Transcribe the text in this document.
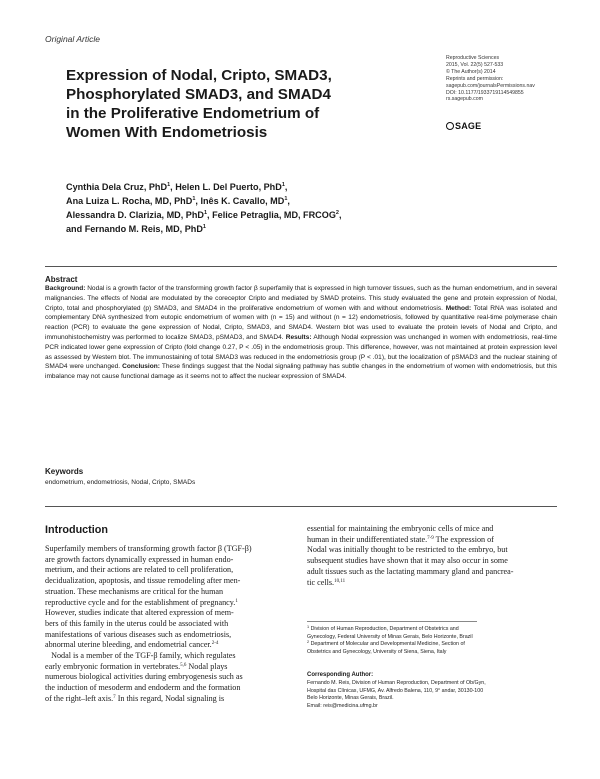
Original Article
Expression of Nodal, Cripto, SMAD3,
Phosphorylated SMAD3, and SMAD4
in the Proliferative Endometrium of
Women With Endometriosis
Reproductive Sciences
2015, Vol. 22(5) 527-533
© The Author(s) 2014
Reprints and permission:
sagepub.com/journalsPermissions.nav
DOI: 10.1177/1933719114549855
rs.sagepub.com
SAGE
Cynthia Dela Cruz, PhD$^1$, Helen L. Del Puerto, PhD$^1$,
Ana Luiza L. Rocha, MD, PhD$^1$, Inês K. Cavallo, $MD^1$,
Alessandra D. Clarizia, MD, PhD$^1$, Felice Petraglia, MD, FRCOG$^2$,
and Fernando M. Reis, MD, PhD$^1$
Abstract

Background: Nodal is a growth factor of the transforming growth factor β superfamily that is expressed in high turnover tissues, such as the human endometrium, and in several malignancies. The effects of Nodal are modulated by the coreceptor Cripto and mediated by SMAD proteins. This study evaluated the gene and protein expression of Nodal, Cripto, total and phosphorylated (p) SMAD3, and SMAD4 in the proliferative endometrium of women with and without endometriosis. Method: Total RNA was isolated and complementary DNA synthesized from eutopic endometrium of women with (n = 15) and without (n = 12) endometriosis, followed by quantitative real-time polymerase chain reaction (PCR) to evaluate the gene expression of Nodal, Cripto, SMAD3, and SMAD4. Western blot was used to evaluate the protein levels of Nodal and Cripto, and immunohistochemistry was performed to localize SMAD3, pSMAD3, and SMAD4. Results: Although Nodal expression was unchanged in women with endometriosis, real-time PCR indicated lower gene expression of Cripto (fold change 0.27, P < .05) in the endometriosis group. This difference, however, was not maintained at protein expression level as assessed by Western blot. The immunostaining of total SMAD3 was reduced in the endometriosis group (P < .01), but the localization of pSMAD3 and the nuclear staining of SMAD4 were unchanged. Conclusion: These findings suggest that the Nodal signaling pathway has subtle changes in the endometrium of women with endometriosis, but this imbalance may not cause functional damage as it seems not to affect the nuclear expression of SMAD4.

Keywords
endometrium, endometriosis, Nodal, Cripto, SMADs
Introduction
Superfamily members of transforming growth factor β (TGF-β)
are growth factors dynamically expressed in human endo-
metrium, and their actions are related to cell proliferation,
decidualization, apoptosis, and tissue remodeling after men-
struation. These mechanisms are critical for the human
reproductive cycle and for the establishment of pregnancy.$^1$
However, studies indicate that altered expression of mem-
bers of this family in the uterus could be associated with
manifestations of various diseases such as endometriosis,
abnormal uterine bleeding, and endometrial cancer.$^{2-4}$
Nodal is a member of the TGF-β family, which regulates
early embryonic formation in vertebrates.$^{5,6}$ Nodal plays
numerous biological activities during embryogenesis such as
the induction of mesoderm and endoderm and the formation
of the right–left axis.$^7$ In this regard, Nodal signaling is
essential for maintaining the embryonic cells of mice and
human in their undifferentiated state.$^{7-9}$ The expression of
Nodal was initially thought to be restricted to the embryo, but
subsequent studies have shown that it may also occur in some
adult tissues such as the lactating mammary gland and pancrea-
tic cells.$^{10,11}$
$^1$ Division of Human Reproduction, Department of Obstetrics and
Gynecology, Federal University of Minas Gerais, Belo Horizonte, Brazil
$^2$ Department of Molecular and Developmental Medicine, Section of
Obstetrics and Gynecology, University of Siena, Siena, Italy
Corresponding Author:
Fernando M. Reis, Division of Human Reproduction, Department of Ob/Gyn,
Hospital das Clínicas, UFMG, Av. Alfredo Balena, 110, 9° andar, 30130-100
Belo Horizonte, Minas Gerais, Brazil.
Email: reis@medicina.ufmg.br
